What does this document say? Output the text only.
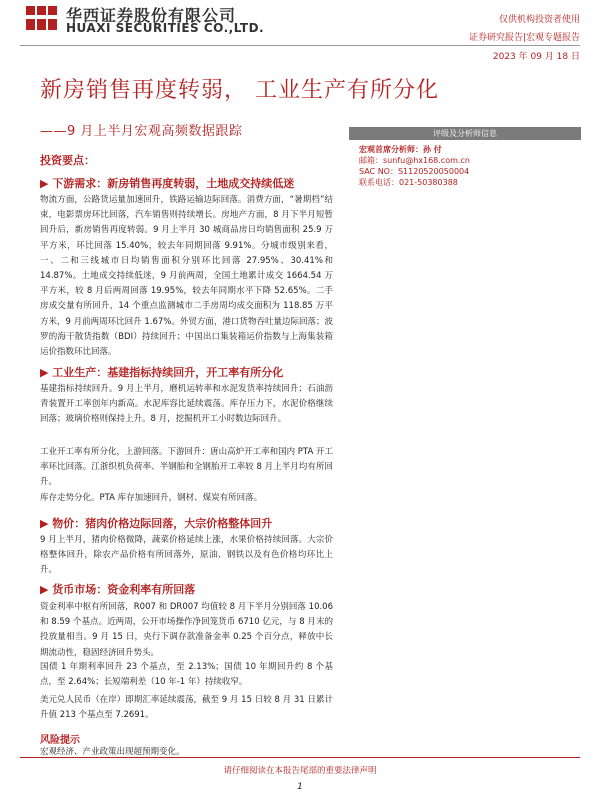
华西证券股份有限公司
HUAXI SECURITIES CO.,LTD.
仅供机构投资者使用
证券研究报告|宏观专题报告
2023 年 09 月 18 日
新房销售再度转弱， 工业生产有所分化
——9 月上半月宏观高频数据跟踪	评级及分析师信息
宏观首席分析师：孙 付
邮箱：sunfu@hx168.com.cn
SAC NO：S1120520050004
联系电话：021-50380388
投资要点：
▶ 下游需求：新房销售再度转弱，土地成交持续低迷
物流方面，公路货运量加速回升，铁路运输边际回落。消费方面，“暑期档”结束，电影票房环比回落，汽车销售则持续增长。房地产方面，8 月下半月短暂回升后，新房销售再度转弱。9 月上半月 30 城商品房日均销售面积 25.9 万平方米，环比回落 15.40%，较去年同期回落 9.91%。分城市级别来看，一、二和三线城市日均销售面积分别环比回落 27.95%、30.41%和 14.87%。土地成交持续低迷，9 月前两周，全国土地累计成交 1664.54 万平方米，较 8 月后两周回落 19.95%，较去年同期水平下降 52.65%。二手房成交量有所回升，14 个重点监测城市二手房周均成交面积为 118.85 万平方米，9 月前两周环比回升 1.67%。外贸方面，港口货物吞吐量边际回落；波罗的海干散货指数（BDI）持续回升；中国出口集装箱运价指数与上海集装箱运价指数环比回落。
▶ 工业生产：基建指标持续回升，开工率有所分化
基建指标持续回升。9 月上半月，磨机运转率和水泥发货率持续回升；石油沥青装置开工率创年内新高。水泥库容比延续震荡。库存压力下，水泥价格继续回落；玻璃价格则保持上升。8 月，挖掘机开工小时数边际回升。
工业开工率有所分化，上游回落。下游回升：唐山高炉开工率和国内 PTA 开工率环比回落。江浙织机负荷率、半钢胎和全钢胎开工率较 8 月上半月均有所回升。
库存走势分化。PTA 库存加速回升，钢材、煤炭有所回落。
▶ 物价：猪肉价格边际回落，大宗价格整体回升
9 月上半月，猪肉价格微降，蔬菜价格延续上涨，水果价格持续回落。大宗价格整体回升，除农产品价格有所回落外，原油、钢铁以及有色价格均环比上升。
▶ 货币市场：资金利率有所回落
资金利率中枢有所回落，R007 和 DR007 均值较 8 月下半月分别回落 10.06 和 8.59 个基点。近两周，公开市场操作净回笼货币 6710 亿元，与 8 月末的投放量相当。9 月 15 日，央行下调存款准备金率 0.25 个百分点，释放中长期流动性，稳固经济回升势头。
国债 1 年期利率回升 23 个基点，至 2.13%；国债 10 年期回升约 8 个基点，至 2.64%；长短端利差（10 年-1 年）持续收窄。
美元兑人民币（在岸）即期汇率延续震荡，截至 9 月 15 日较 8 月 31 日累计升值 213 个基点至 7.2691。
风险提示
宏观经济、产业政策出现超预期变化。
请仔细阅读在本报告尾部的重要法律声明
1
